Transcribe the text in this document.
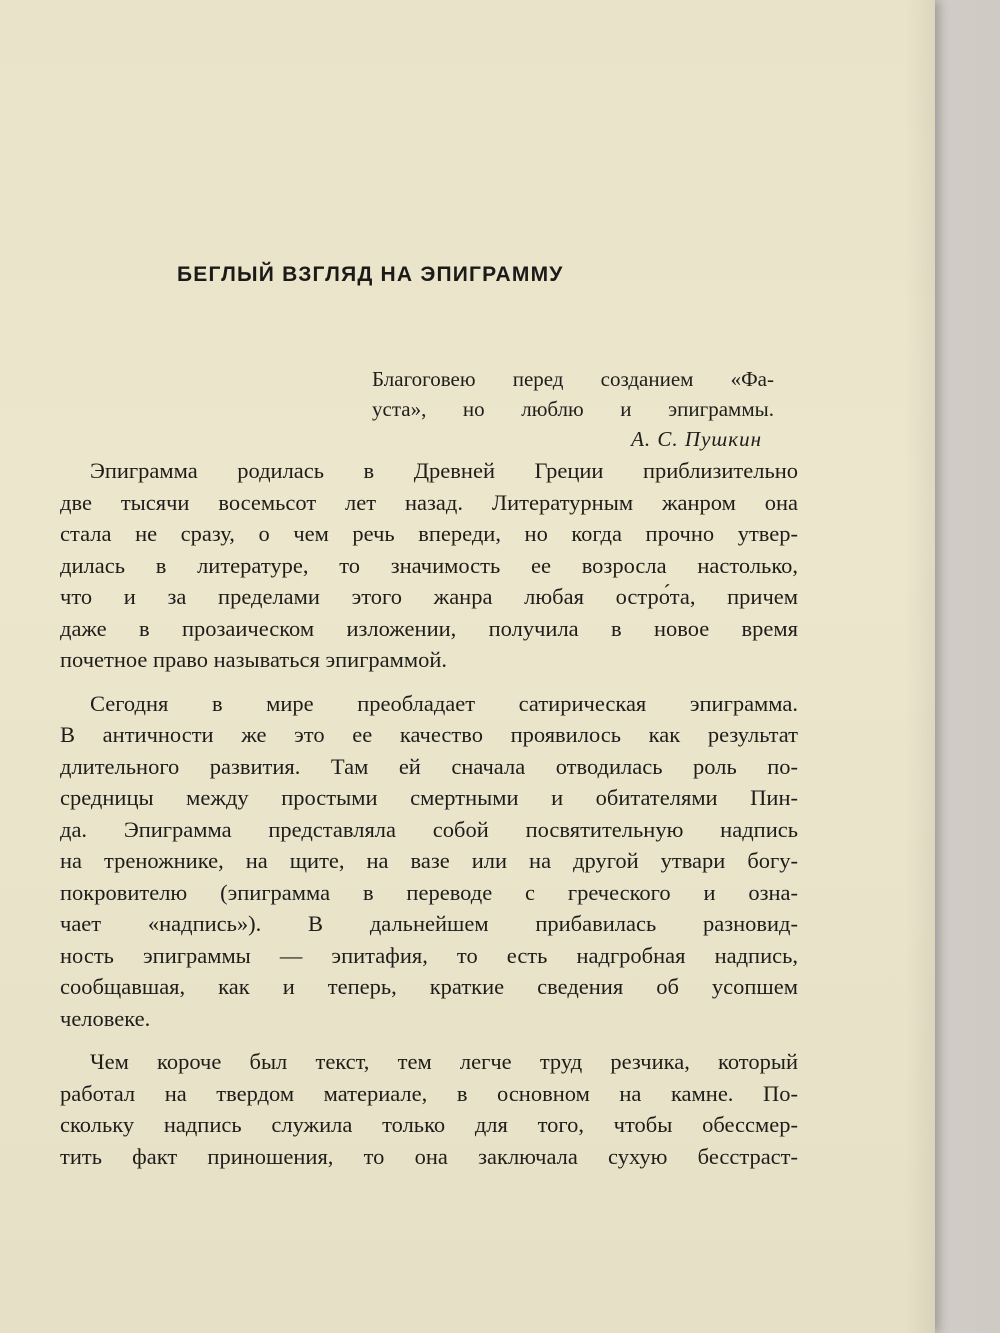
БЕГЛЫЙ ВЗГЛЯД НА ЭПИГРАММУ
Благоговею перед созданием «Фа-
уста», но люблю и эпиграммы.
А. С. Пушкин
Эпиграмма родилась в Древней Греции приблизительно
две тысячи восемьсот лет назад. Литературным жанром она
стала не сразу, о чем речь впереди, но когда прочно утвер-
дилась в литературе, то значимость ее возросла настолько,
что и за пределами этого жанра любая остро́та, причем
даже в прозаическом изложении, получила в новое время
почетное право называться эпиграммой.
Сегодня в мире преобладает сатирическая эпиграмма.
В античности же это ее качество проявилось как результат
длительного развития. Там ей сначала отводилась роль по-
средницы между простыми смертными и обитателями Пин-
да. Эпиграмма представляла собой посвятительную надпись
на треножнике, на щите, на вазе или на другой утвари богу-
покровителю (эпиграмма в переводе с греческого и озна-
чает «надпись»). В дальнейшем прибавилась разновид-
ность эпиграммы — эпитафия, то есть надгробная надпись,
сообщавшая, как и теперь, краткие сведения об усопшем
человеке.
Чем короче был текст, тем легче труд резчика, который
работал на твердом материале, в основном на камне. По-
скольку надпись служила только для того, чтобы обессмер-
тить факт приношения, то она заключала сухую бесстраст-
